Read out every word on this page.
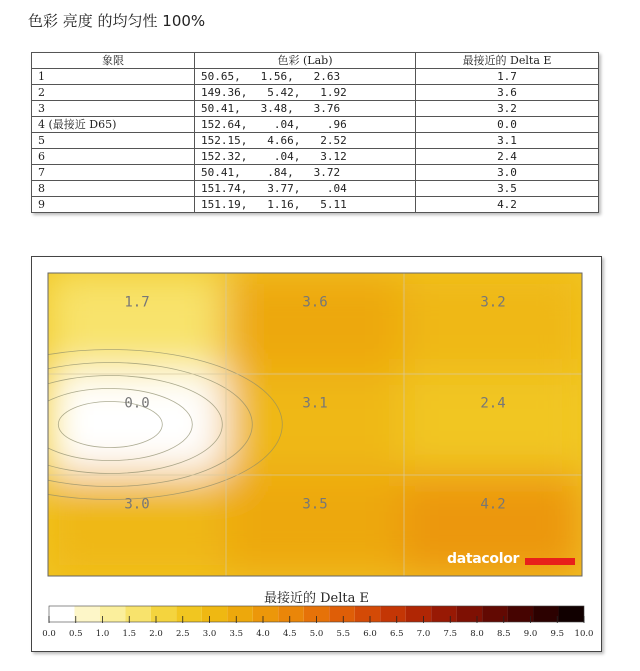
色彩 亮度 的均匀性 100%
象限	色彩 (Lab)	最接近的 Delta E
1	50.65,   1.56,   2.63	1.7
2	149.36,   5.42,   1.92	3.6
3	50.41,   3.48,   3.76	3.2
4 (最接近 D65)	152.64,    .04,    .96	0.0
5	152.15,   4.66,   2.52	3.1
6	152.32,    .04,   3.12	2.4
7	50.41,    .84,   3.72	3.0
8	151.74,   3.77,    .04	3.5
9	151.19,   1.16,   5.11	4.2
1.7	3.6	3.2
0.0	3.1	2.4
3.0	3.5	4.2
0.0 0.5 1.0 1.5 2.0 2.5 3.0 3.5 4.0 4.5 5.0 5.5 6.0 6.5 7.0 7.5 8.0 8.5 9.0 9.5 10.0
最接近的 Delta E
datacolor
